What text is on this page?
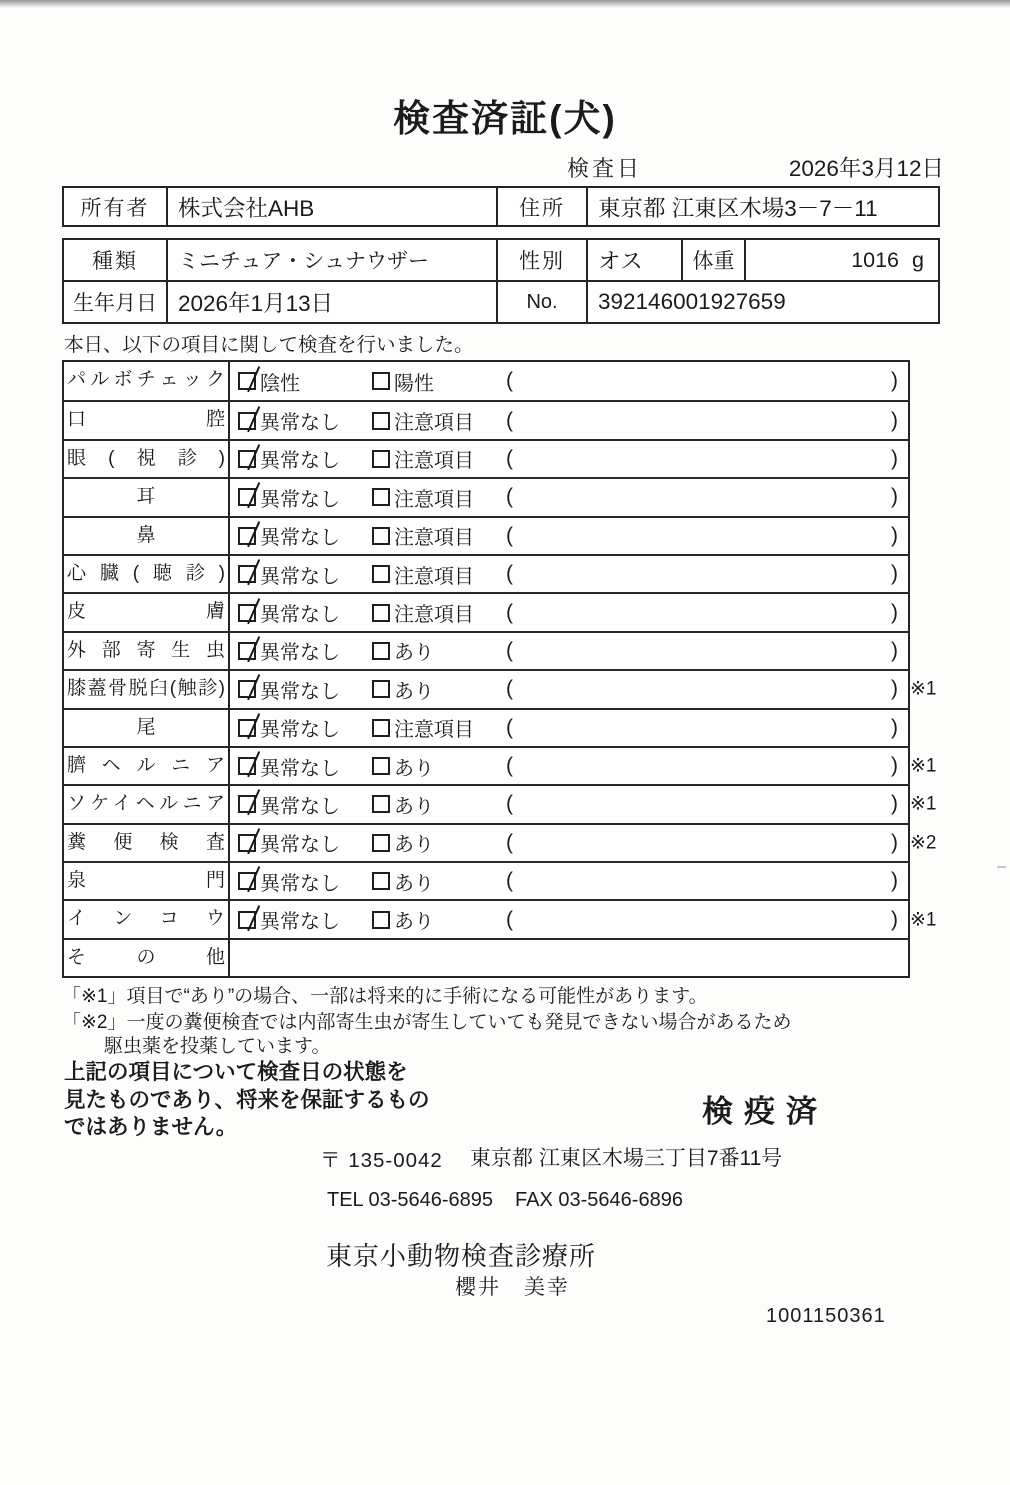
検査済証(犬)
検査日	2026年3月12日
所有者	株式会社AHB	住所	東京都 江東区木場3－7－11
種類	ミニチュア・シュナウザー	性別	オス	体重	1016 g
生年月日 2026年1月13日	No.	392146001927659

本日、以下の項目に関して検査を行いました。

パルボチェック 陰性	陽性	(	)
口腔 異常なし	注意項目 (	)
眼(視診) 異常なし	注意項目 (	)
耳	異常なし	注意項目 (	)
鼻	異常なし	注意項目 (	)
心臓(聴診) 異常なし	注意項目 (	)
皮膚 異常なし	注意項目 (	)
外部寄生虫 異常なし	あり	(	)
膝蓋骨脱臼(触診) 異常なし	あり	(	) ※1
尾	異常なし	注意項目 (	)
臍ヘルニア 異常なし	あり	(	) ※1
ソケイヘルニア 異常なし	あり	(	) ※1
糞便検査 異常なし	あり	(	) ※2
泉門 異常なし	あり	(	)
インコウ 異常なし	あり	(	) ※1
その他

「※1」項目で“あり”の場合、一部は将来的に手術になる可能性があります。

「※2」一度の糞便検査では内部寄生虫が寄生していても発見できない場合があるため

駆虫薬を投薬しています。

上記の項目について検査日の状態を
見たものであり、将来を保証するもの
ではありません。	検疫済
〒 135-0042 東京都 江東区木場三丁目7番11号
TEL 03-5646-6895 FAX 03-5646-6896
東京小動物検査診療所
櫻井　美幸
1001150361
